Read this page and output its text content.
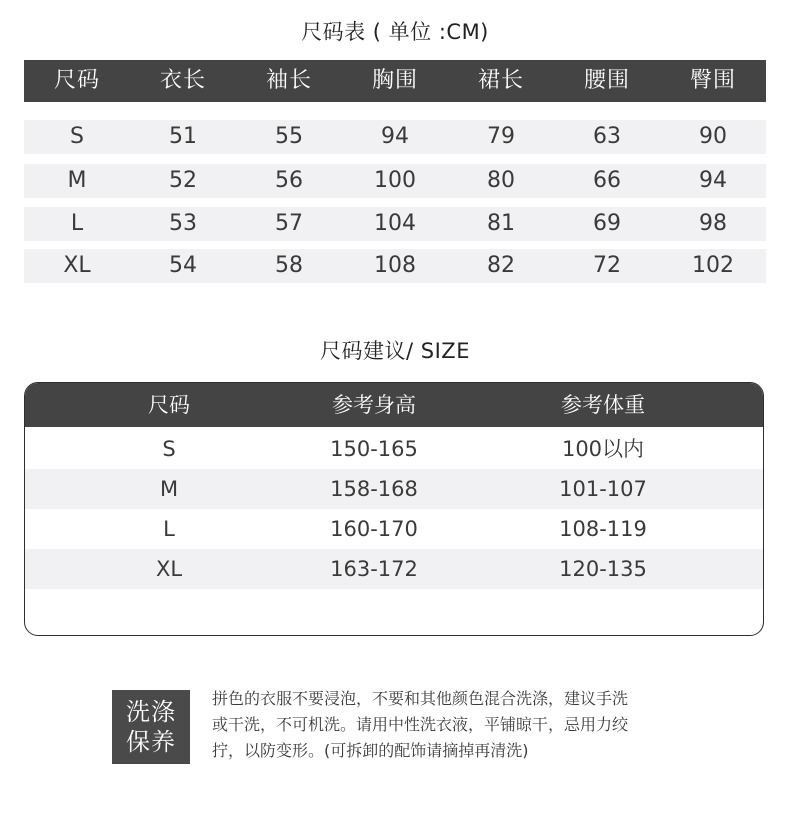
尺码表 ( 单位 :CM)
尺码	衣长	袖长	胸围	裙长	腰围	臀围
S	51	55	94	79	63	90
M	52	56	100	80	66	94
L	53	57	104	81	69	98
XL	54	58	108	82	72	102
尺码建议/ SIZE
尺码	参考身高	参考体重
S	150-165	100以内
M	158-168	101-107
L	160-170	108-119
XL	163-172	120-135
洗涤
保养
拼色的衣服不要浸泡，不要和其他颜色混合洗涤，建议手洗
或干洗，不可机洗。请用中性洗衣液，平铺晾干，忌用力绞
拧，以防变形。(可拆卸的配饰请摘掉再清洗)
